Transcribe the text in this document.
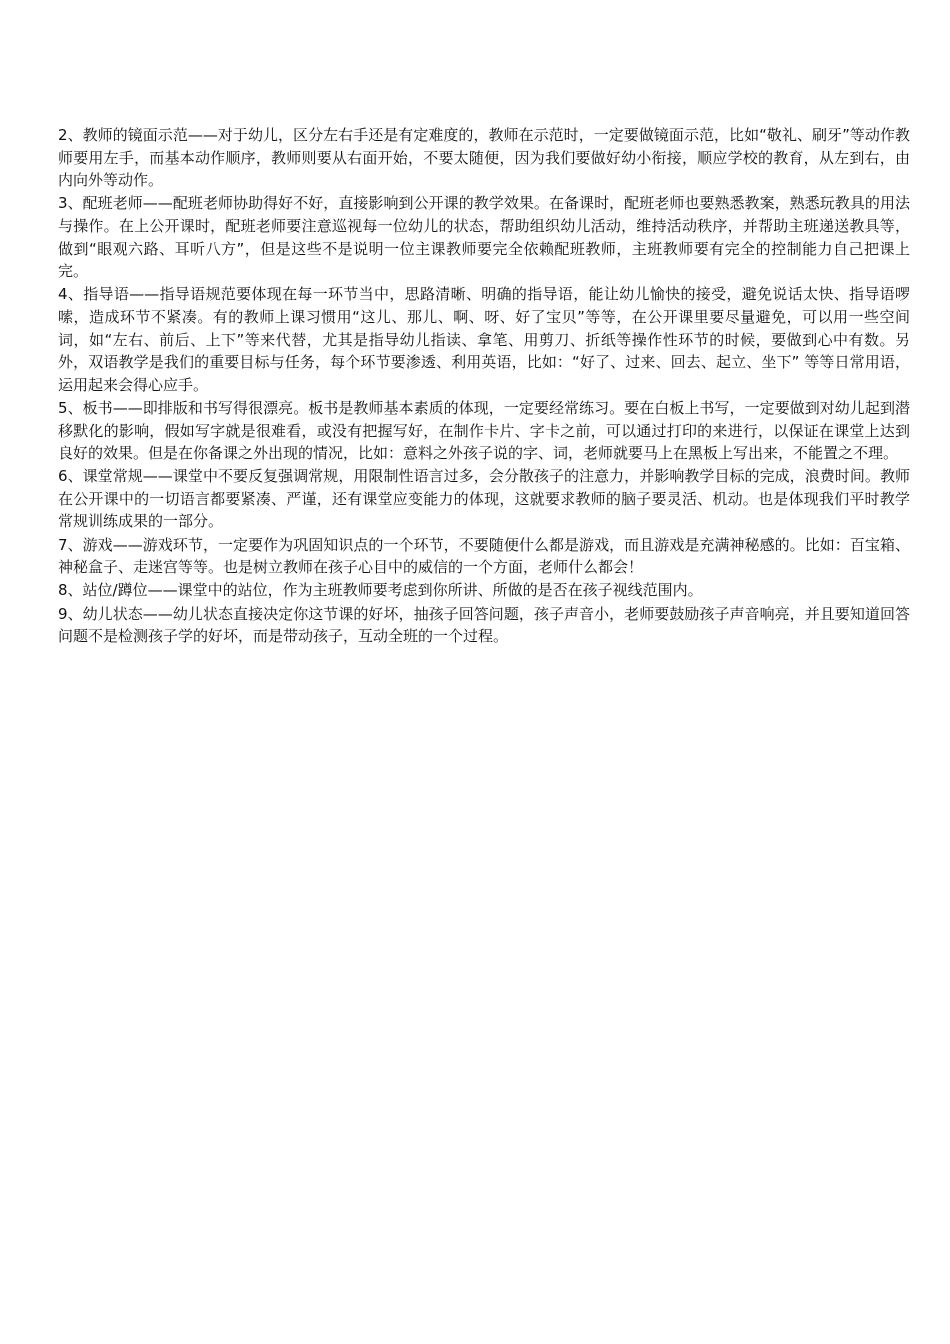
2、教师的镜面示范——对于幼儿，区分左右手还是有定难度的，教师在示范时，一定要做镜面示范，比如“敬礼、刷牙”等动作教师要用左手，而基本动作顺序，教师则要从右面开始，不要太随便，因为我们要做好幼小衔接，顺应学校的教育，从左到右，由内向外等动作。

3、配班老师——配班老师协助得好不好，直接影响到公开课的教学效果。在备课时，配班老师也要熟悉教案，熟悉玩教具的用法与操作。在上公开课时，配班老师要注意巡视每一位幼儿的状态，帮助组织幼儿活动，维持活动秩序，并帮助主班递送教具等，做到“眼观六路、耳听八方”，但是这些不是说明一位主课教师要完全依赖配班教师，主班教师要有完全的控制能力自己把课上完。

4、指导语——指导语规范要体现在每一环节当中，思路清晰、明确的指导语，能让幼儿愉快的接受，避免说话太快、指导语啰嗦，造成环节不紧凑。有的教师上课习惯用“这儿、那儿、啊、呀、好了宝贝”等等，在公开课里要尽量避免，可以用一些空间词，如“左右、前后、上下”等来代替，尤其是指导幼儿指读、拿笔、用剪刀、折纸等操作性环节的时候，要做到心中有数。另外，双语教学是我们的重要目标与任务，每个环节要渗透、利用英语，比如：“好了、过来、回去、起立、坐下” 等等日常用语，运用起来会得心应手。

5、板书——即排版和书写得很漂亮。板书是教师基本素质的体现，一定要经常练习。要在白板上书写，一定要做到对幼儿起到潜移默化的影响，假如写字就是很难看，或没有把握写好，在制作卡片、字卡之前，可以通过打印的来进行，以保证在课堂上达到良好的效果。但是在你备课之外出现的情况，比如：意料之外孩子说的字、词，老师就要马上在黑板上写出来，不能置之不理。

6、课堂常规——课堂中不要反复强调常规，用限制性语言过多，会分散孩子的注意力，并影响教学目标的完成，浪费时间。教师在公开课中的一切语言都要紧凑、严谨，还有课堂应变能力的体现，这就要求教师的脑子要灵活、机动。也是体现我们平时教学常规训练成果的一部分。

7、游戏——游戏环节，一定要作为巩固知识点的一个环节，不要随便什么都是游戏，而且游戏是充满神秘感的。比如：百宝箱、神秘盒子、走迷宫等等。也是树立教师在孩子心目中的威信的一个方面，老师什么都会！

8、站位/蹲位——课堂中的站位，作为主班教师要考虑到你所讲、所做的是否在孩子视线范围内。

9、幼儿状态——幼儿状态直接决定你这节课的好坏，抽孩子回答问题，孩子声音小，老师要鼓励孩子声音响亮，并且要知道回答问题不是检测孩子学的好坏，而是带动孩子，互动全班的一个过程。
